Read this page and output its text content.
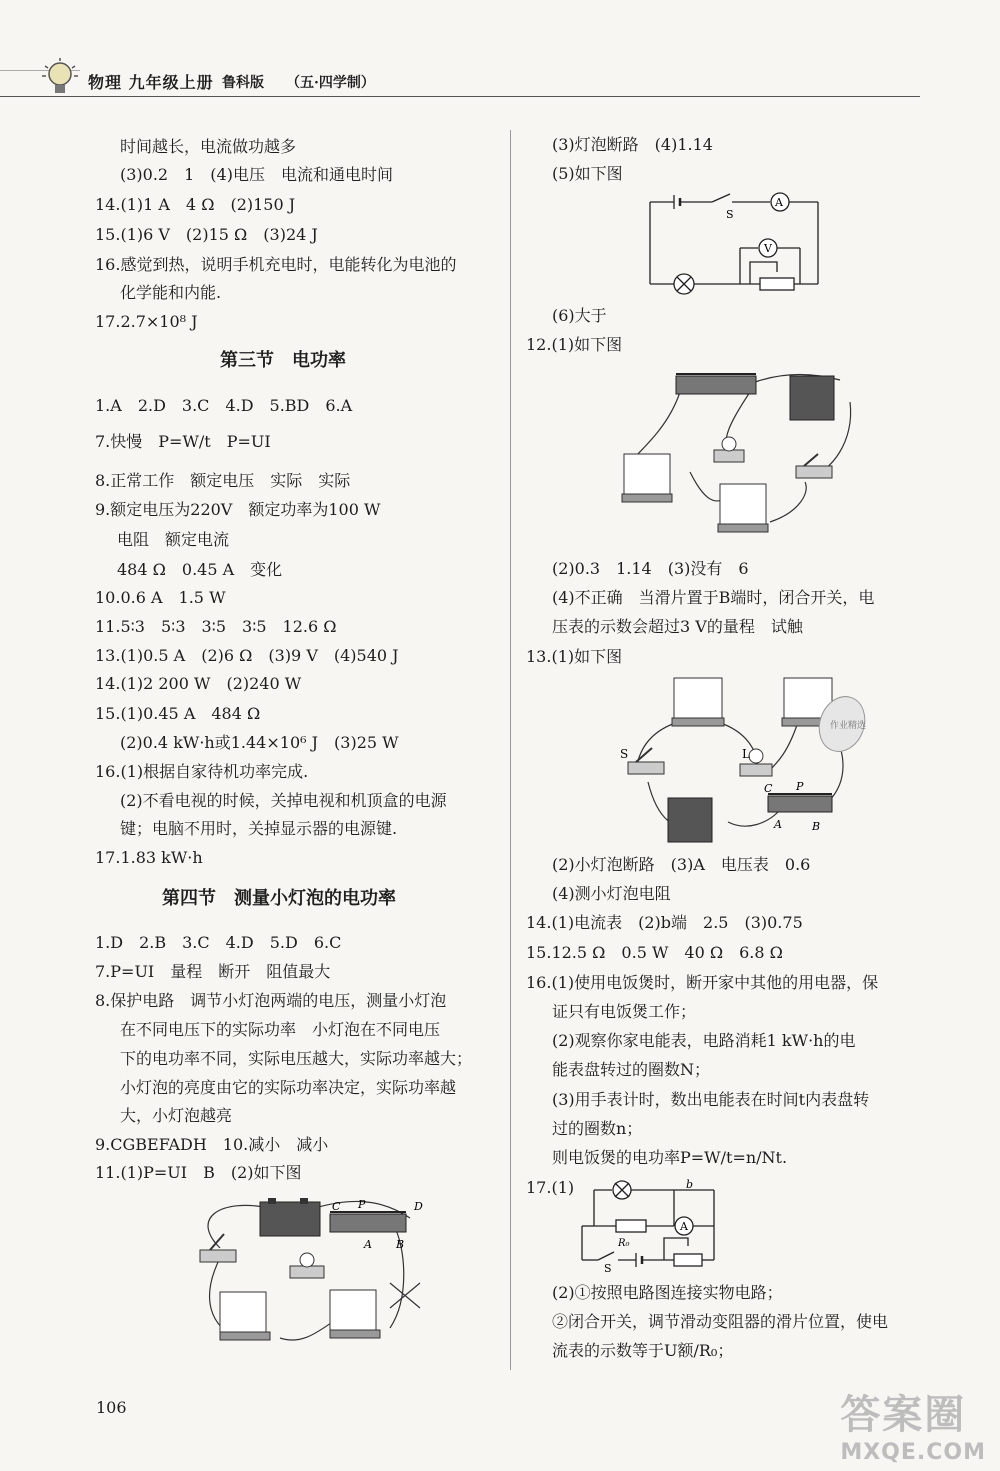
物理 九年级上册 鲁科版 （五·四学制）
时间越长，电流做功越多
(3)0.2　1　(4)电压　电流和通电时间
14.(1)1 A　4 Ω　(2)150 J
15.(1)6 V　(2)15 Ω　(3)24 J
16.感觉到热，说明手机充电时，电能转化为电池的
化学能和内能.
17.2.7×10⁸ J
第三节　电功率
1.A　2.D　3.C　4.D　5.BD　6.A
7.快慢　P=W/t　P=UI
8.正常工作　额定电压　实际　实际
9.额定电压为220V　额定功率为100 W
电阻　额定电流
484 Ω　0.45 A　变化
10.0.6 A　1.5 W
11.5∶3　5∶3　3∶5　3∶5　12.6 Ω
13.(1)0.5 A　(2)6 Ω　(3)9 V　(4)540 J
14.(1)2 200 W　(2)240 W
15.(1)0.45 A　484 Ω
(2)0.4 kW·h或1.44×10⁶ J　(3)25 W
16.(1)根据自家待机功率完成.
(2)不看电视的时候，关掉电视和机顶盒的电源
键；电脑不用时，关掉显示器的电源键.
17.1.83 kW·h
第四节　测量小灯泡的电功率
1.D　2.B　3.C　4.D　5.D　6.C
7.P=UI　量程　断开　阻值最大
8.保护电路　调节小灯泡两端的电压，测量小灯泡
在不同电压下的实际功率　小灯泡在不同电压
下的电功率不同，实际电压越大，实际功率越大；
小灯泡的亮度由它的实际功率决定，实际功率越
大，小灯泡越亮
9.CGBEFADH　10.减小　减小
11.(1)P=UI　B　(2)如下图
P
C	D
A B
(3)灯泡断路　(4)1.14
(5)如下图
S
A
V
(6)大于
12.(1)如下图
(2)0.3　1.14　(3)没有　6
(4)不正确　当滑片置于B端时，闭合开关，电
压表的示数会超过3 V的量程　试触
13.(1)如下图
S	L
P
C
A	B
作业精选
(2)小灯泡断路　(3)A　电压表　0.6
(4)测小灯泡电阻
14.(1)电流表　(2)b端　2.5　(3)0.75
15.12.5 Ω　0.5 W　40 Ω　6.8 Ω
16.(1)使用电饭煲时，断开家中其他的用电器，保
证只有电饭煲工作；
(2)观察你家电能表，电路消耗1 kW·h的电
能表盘转过的圈数N；
(3)用手表计时，数出电能表在时间t内表盘转
过的圈数n；
则电饭煲的电功率P=W/t=n/Nt.
17.(1)
A
b
R₀
S
(2)①按照电路图连接实物电路；
②闭合开关，调节滑动变阻器的滑片位置，使电
流表的示数等于U额/R₀；
106	答案圈
MXQE.COM
